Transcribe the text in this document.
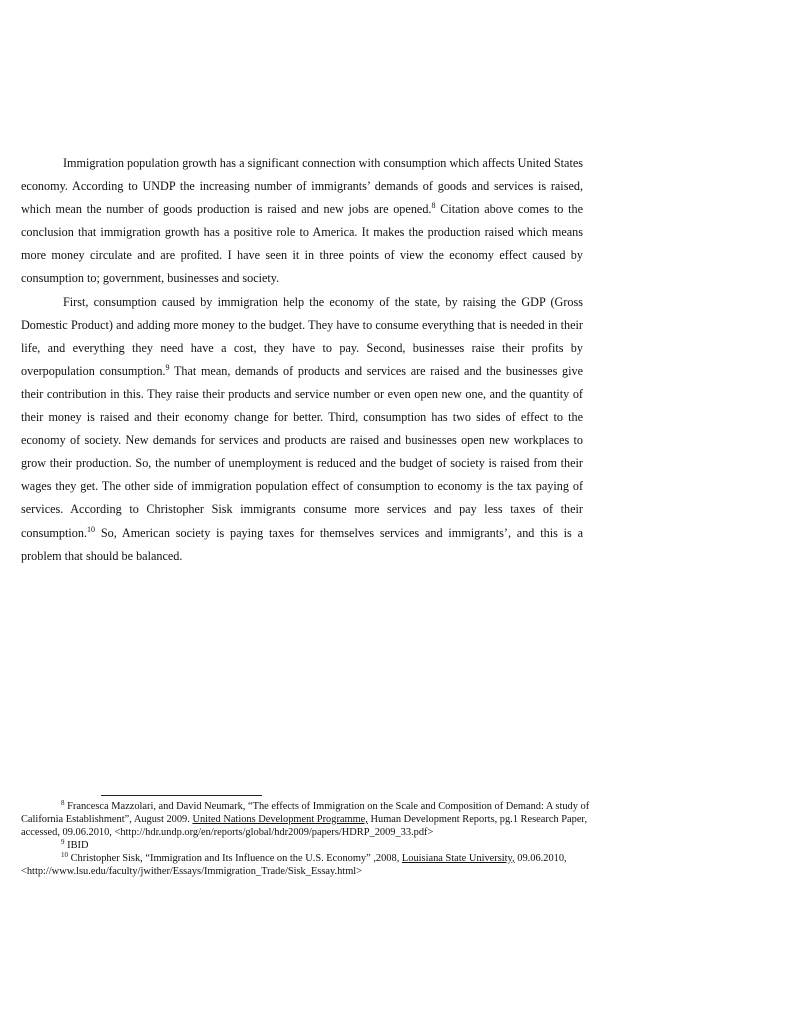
Immigration population growth has a significant connection with consumption which affects United States economy. According to UNDP the increasing number of immigrants’ demands of goods and services is raised, which mean the number of goods production is raised and new jobs are opened.$^8$ Citation above comes to the conclusion that immigration growth has a positive role to America. It makes the production raised which means more money circulate and are profited. I have seen it in three points of view the economy effect caused by consumption to; government, businesses and society.

First, consumption caused by immigration help the economy of the state, by raising the GDP (Gross Domestic Product) and adding more money to the budget. They have to consume everything that is needed in their life, and everything they need have a cost, they have to pay. Second, businesses raise their profits by overpopulation consumption.$^9$ That mean, demands of products and services are raised and the businesses give their contribution in this. They raise their products and service number or even open new one, and the quantity of their money is raised and their economy change for better. Third, consumption has two sides of effect to the economy of society. New demands for services and products are raised and businesses open new workplaces to grow their production. So, the number of unemployment is reduced and the budget of society is raised from their wages they get. The other side of immigration population effect of consumption to economy is the tax paying of services. According to Christopher Sisk immigrants consume more services and pay less taxes of their consumption.$^{10}$ So, American society is paying taxes for themselves services and immigrants’, and this is a problem that should be balanced.

$^8$ Francesca Mazzolari, and David Neumark, “The effects of Immigration on the Scale and Composition of Demand: A study of California Establishment”, August 2009. United Nations Development Programme, Human Development Reports, pg.1 Research Paper, accessed, 09.06.2010, <http://hdr.undp.org/en/reports/global/hdr2009/papers/HDRP_2009_33.pdf>

$^9$ IBID

$^{10}$ Christopher Sisk, “Immigration and Its Influence on the U.S. Economy” ,2008, Louisiana State University, 09.06.2010, <http://www.lsu.edu/faculty/jwither/Essays/Immigration_Trade/Sisk_Essay.html>
